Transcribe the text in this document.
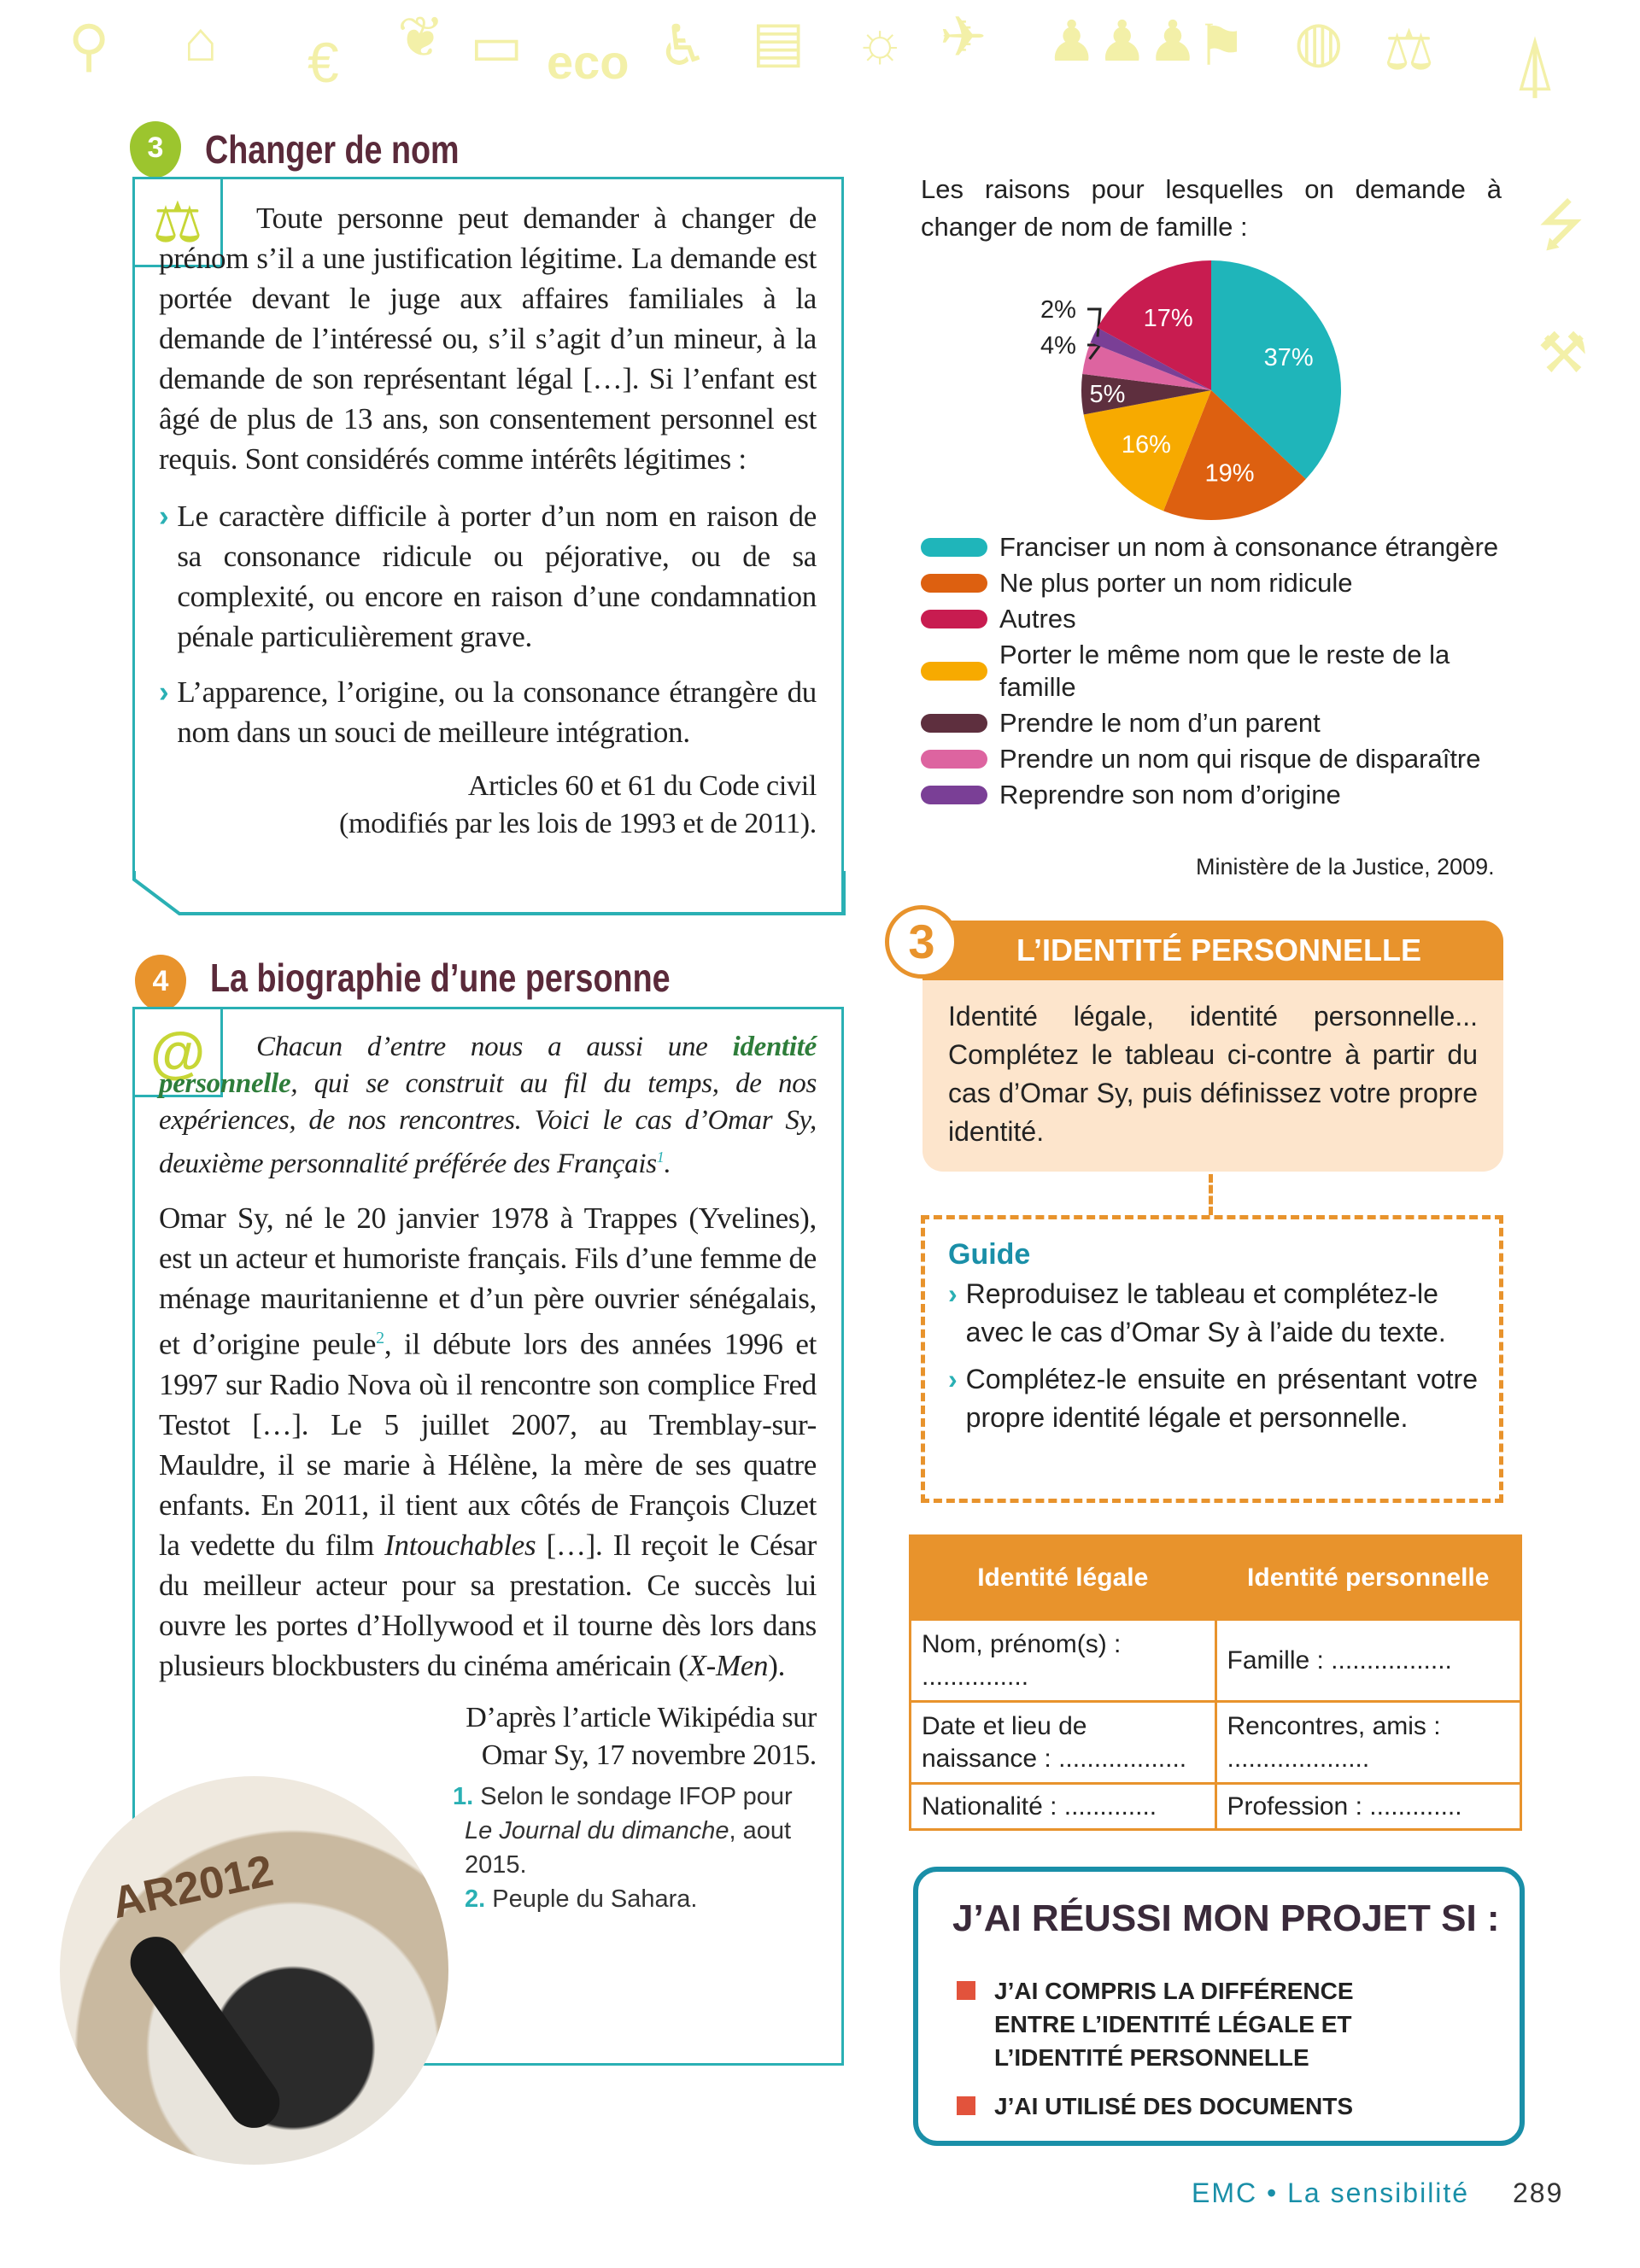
⚲ ⌂ € ❦ ▭ eco ♿ ▤ ☼ ✈ ♟♟♟
⚑ ◍ ⚖ ⍋
⭍
⚒
3	Changer de nom
⚖	Toute personne peut demander à changer de prénom s’il a une justification légitime. La demande est portée devant le juge aux affaires familiales à la demande de l’intéressé ou, s’il s’agit d’un mineur, à la demande de son représentant légal […]. Si l’enfant est âgé de plus de 13 ans, son consentement personnel est requis. Sont considérés comme intérêts légitimes :
› Le caractère difficile à porter d’un nom en raison de sa consonance ridicule ou péjorative, ou de sa complexité, ou encore en raison d’une condamnation pénale particulièrement grave.
› L’apparence, l’origine, ou la consonance étrangère du nom dans un souci de meilleure intégration.
Articles 60 et 61 du Code civil
(modifiés par les lois de 1993 et de 2011).
Les raisons pour lesquelles on demande à changer de nom de famille :
37%
19%
16%
5%
4%
2%	17%
Franciser un nom à consonance étrangère
Ne plus porter un nom ridicule
Autres
Porter le même nom que le reste de la famille
Prendre le nom d’un parent
Prendre un nom qui risque de disparaître
Reprendre son nom d’origine
Ministère de la Justice, 2009.
4	La biographie d’une personne
@
AR2012
Chacun d’entre nous a aussi une identité personnelle, qui se construit au fil du temps, de nos expériences, de nos rencontres. Voici le cas d’Omar Sy, deuxième personnalité préférée des Français$^1$.
Omar Sy, né le 20 janvier 1978 à Trappes (Yvelines), est un acteur et humoriste français. Fils d’une femme de ménage mauritanienne et d’un père ouvrier sénégalais, et d’origine peule$^2$, il débute lors des années 1996 et 1997 sur Radio Nova où il rencontre son complice Fred Testot […]. Le 5 juillet 2007, au Tremblay-sur-Mauldre, il se marie à Hélène, la mère de ses quatre enfants. En 2011, il tient aux côtés de François Cluzet la vedette du film Intouchables […]. Il reçoit le César du meilleur acteur pour sa prestation. Ce succès lui ouvre les portes d’Hollywood et il tourne dès lors dans plusieurs blockbusters du cinéma américain (X-Men).
D’après l’article Wikipédia sur
Omar Sy, 17 novembre 2015.
1. Selon le sondage IFOP pour Le Journal du dimanche, aout 2015.
2. Peuple du Sahara.
3	L’IDENTITÉ PERSONNELLE
Identité légale, identité personnelle... Complétez le tableau ci-contre à partir du cas d’Omar Sy, puis définissez votre propre identité.
Guide
› Reproduisez le tableau et complétez-le avec le cas d’Omar Sy à l’aide du texte.
› Complétez-le ensuite en présentant votre propre identité légale et personnelle.
Identité légale	Identité personnelle
Nom, prénom(s) : ...............	Famille : .................
Date et lieu de naissance : ..................	Rencontres, amis : ....................
Nationalité : .............	Profession : .............
J’AI RÉUSSI MON PROJET SI :
J’AI COMPRIS LA DIFFÉRENCE ENTRE L’IDENTITÉ LÉGALE ET L’IDENTITÉ PERSONNELLE
J’AI UTILISÉ DES DOCUMENTS
EMC • La sensibilité 289
